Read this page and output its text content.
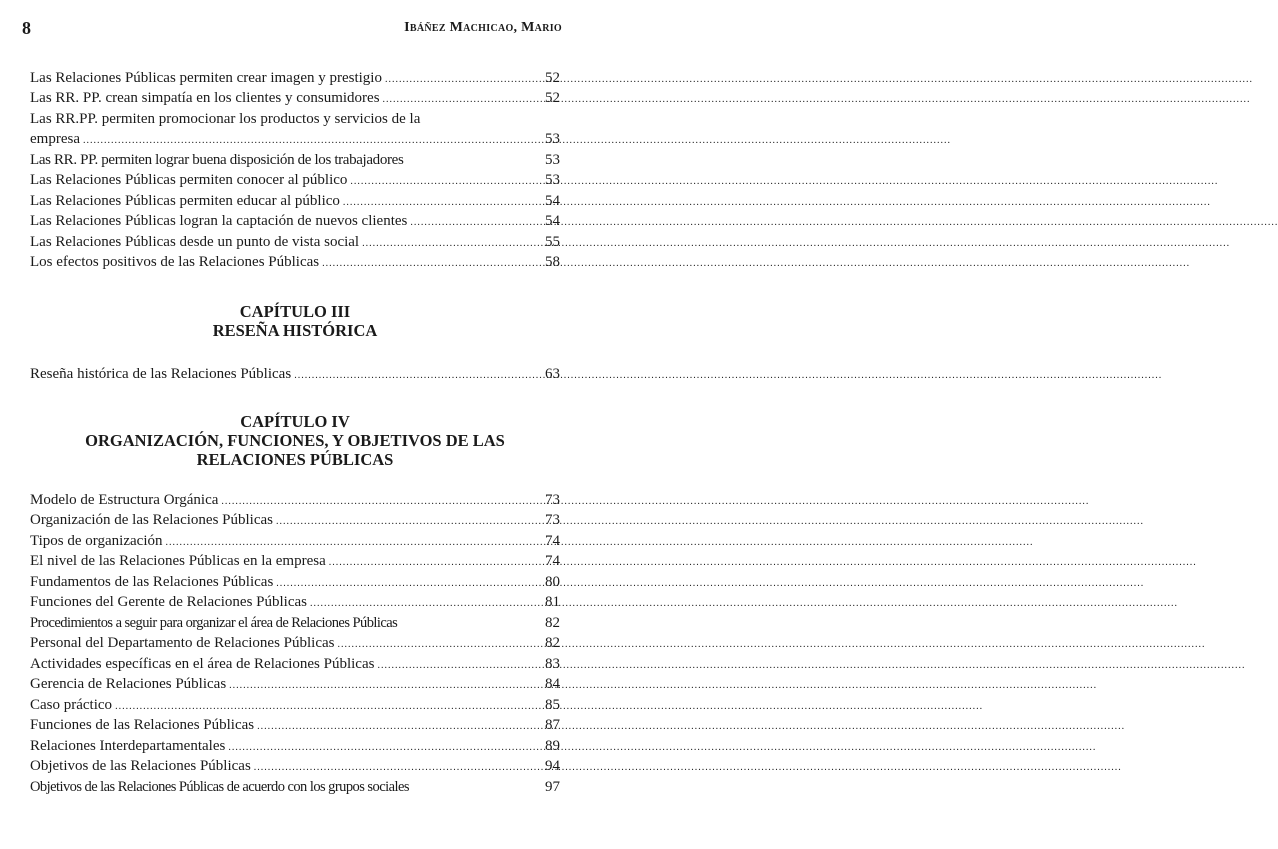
8	Ibáñez Machicao, Mario
Las Relaciones Públicas permiten crear imagen y prestigio .....	52
Las RR. PP. crean simpatía en los clientes y consumidores .....	52
Las RR.PP. permiten promocionar los productos y servicios de la
empresa .....	53
Las RR. PP. permiten lograr buena disposición de los trabajadores	53
Las Relaciones Públicas permiten conocer al público .....	53
Las Relaciones Públicas permiten educar al público .....	54
Las Relaciones Públicas logran la captación de nuevos clientes .....	54
Las Relaciones Públicas desde un punto de vista social .....	55
Los efectos positivos de las Relaciones Públicas .....	58
CAPÍTULO III
RESEÑA HISTÓRICA
Reseña histórica de las Relaciones Públicas .....	63
CAPÍTULO IV
ORGANIZACIÓN, FUNCIONES, Y OBJETIVOS DE LAS
RELACIONES PÚBLICAS
Modelo de Estructura Orgánica .....	73
Organización de las Relaciones Públicas .....	73
Tipos de organización .....	74
El nivel de las Relaciones Públicas en la empresa .....	74
Fundamentos de las Relaciones Públicas .....	80
Funciones del Gerente de Relaciones Públicas .....	81
Procedimientos a seguir para organizar el área de Relaciones Públicas	82
Personal del Departamento de Relaciones Públicas .....	82
Actividades específicas en el área de Relaciones Públicas .....	83
Gerencia de Relaciones Públicas .....	84
Caso práctico .....	85
Funciones de las Relaciones Públicas .....	87
Relaciones Interdepartamentales .....	89
Objetivos de las Relaciones Públicas .....	94
Objetivos de las Relaciones Públicas de acuerdo con los grupos sociales	97
